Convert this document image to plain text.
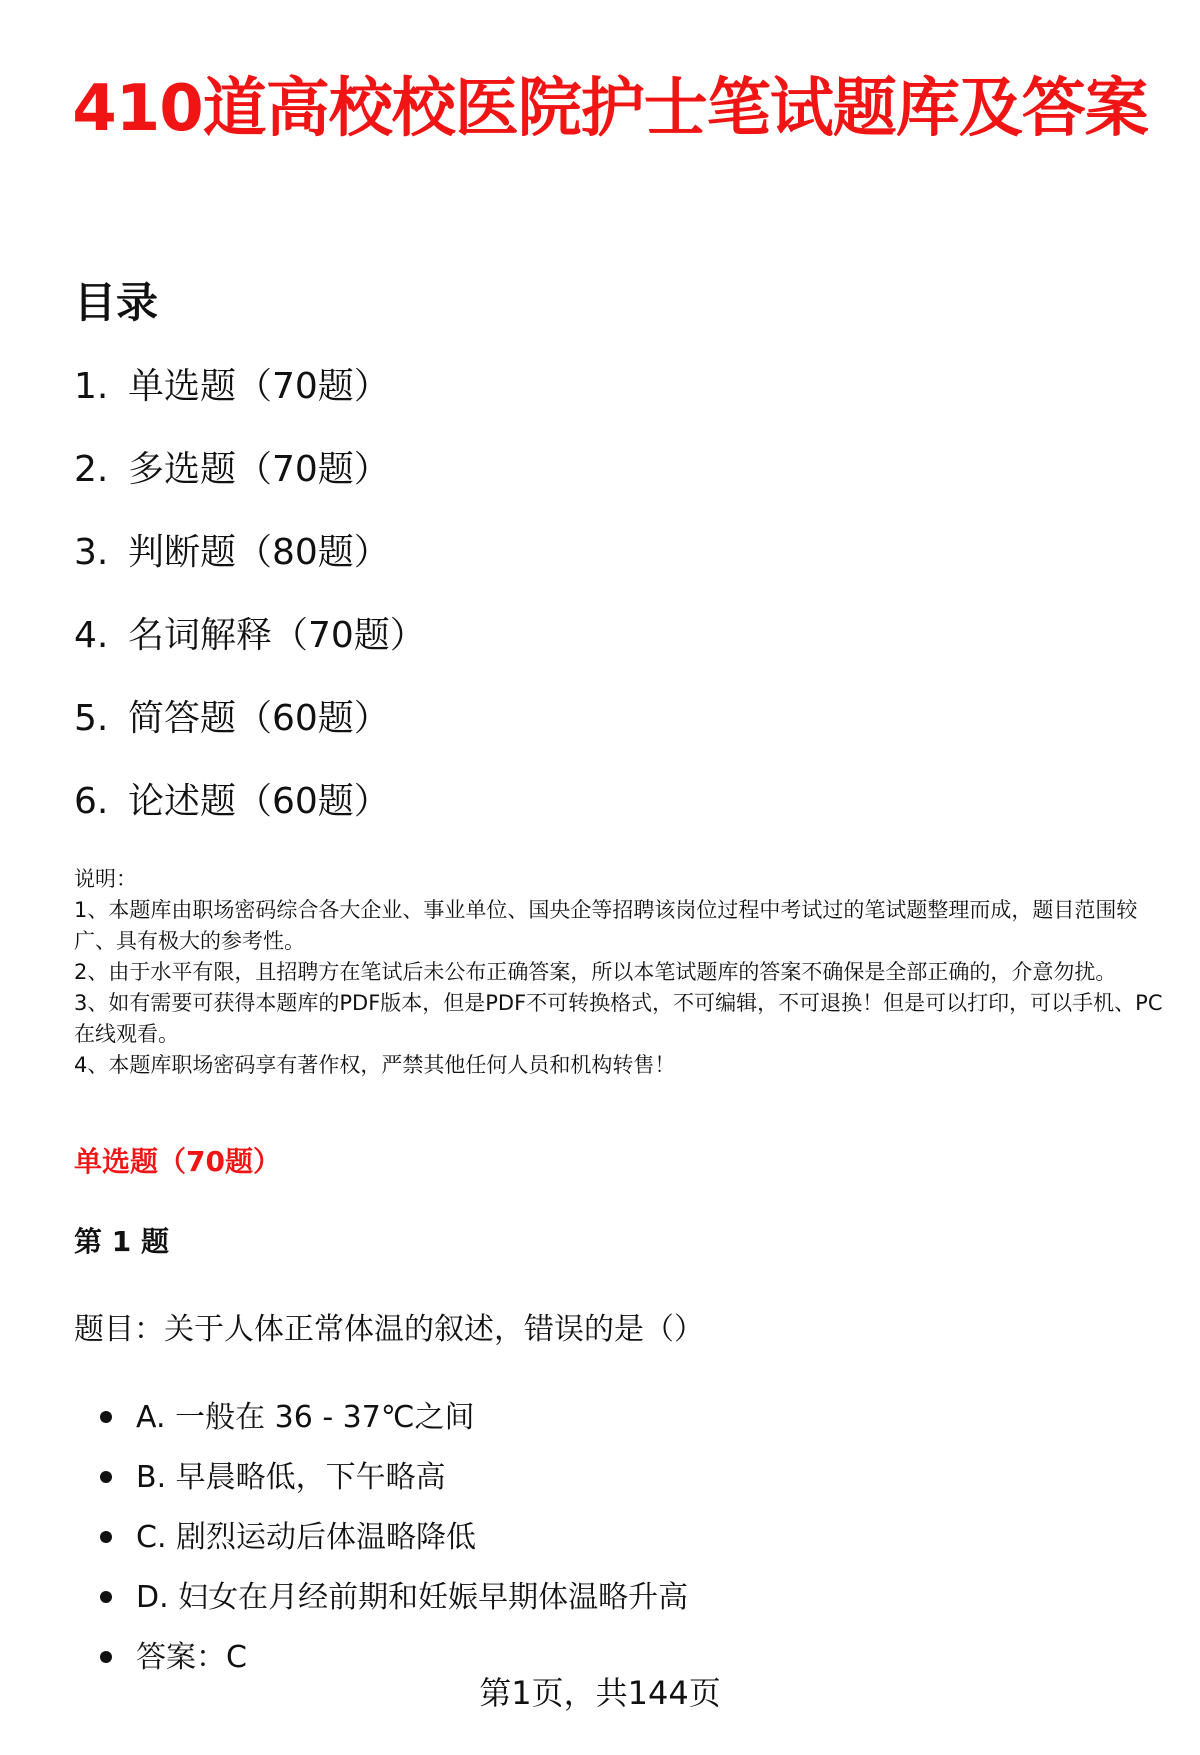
410道高校校医院护士笔试题库及答案
目录
1. 单选题（70题）
2. 多选题（70题）
3. 判断题（80题）
4. 名词解释（70题）
5. 简答题（60题）
6. 论述题（60题）

说明：

1、本题库由职场密码综合各大企业、事业单位、国央企等招聘该岗位过程中考试过的笔试题整理而成，题目范围较广、具有极大的参考性。

2、由于水平有限，且招聘方在笔试后未公布正确答案，所以本笔试题库的答案不确保是全部正确的，介意勿扰。

3、如有需要可获得本题库的PDF版本，但是PDF不可转换格式，不可编辑，不可退换！但是可以打印，可以手机、PC在线观看。

4、本题库职场密码享有著作权，严禁其他任何人员和机构转售！

单选题（70题）
第 1 题

题目：关于人体正常体温的叙述，错误的是（）

A. 一般在 36 - 37℃之间
B. 早晨略低，下午略高
C. 剧烈运动后体温略降低
D. 妇女在月经前期和妊娠早期体温略升高
答案：C
第1页，共144页
